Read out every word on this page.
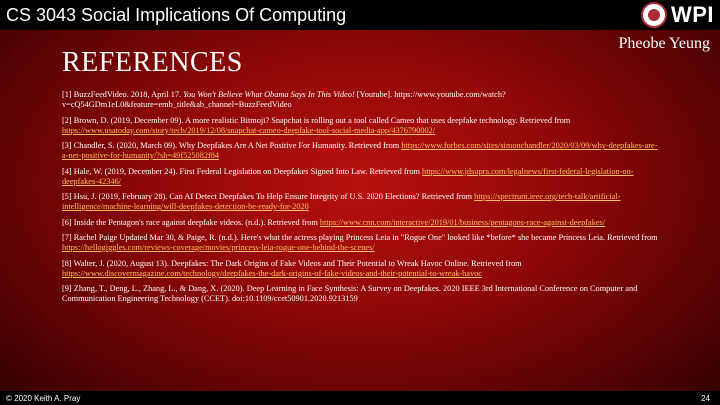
CS 3043 Social Implications Of Computing	WPI
Pheobe Yeung
REFERENCES
[1] BuzzFeedVideo. 2018, April 17. You Won't Believe What Obama Says In This Video! [Youtube]. https://www.youtube.com/watch?v=cQ54GDm1eL0&feature=emb_title&ab_channel=BuzzFeedVideo
[2] Brown, D. (2019, December 09). A more realistic Bitmoji? Snapchat is rolling out a tool called Cameo that uses deepfake technology. Retrieved from https://www.usatoday.com/story/tech/2019/12/08/snapchat-cameo-deepfake-tool-social-media-app/4376790002/
[3] Chandler, S. (2020, March 09). Why Deepfakes Are A Net Positive For Humanity. Retrieved from https://www.forbes.com/sites/simonchandler/2020/03/09/why-deepfakes-are-a-net-positive-for-humanity/?sh=49f525082f84
[4] Hale, W. (2019, December 24). First Federal Legislation on Deepfakes Signed Into Law. Retrieved from https://www.jdsupra.com/legalnews/first-federal-legislation-on-deepfakes-42346/
[5] Hsu, J. (2019, February 28). Can AI Detect Deepfakes To Help Ensure Integrity of U.S. 2020 Elections? Retrieved from https://spectrum.ieee.org/tech-talk/artificial-intelligence/machine-learning/will-deepfakes-detection-be-ready-for-2020
[6] Inside the Pentagon's race against deepfake videos. (n.d.). Retrieved from https://www.cnn.com/interactive/2019/01/business/pentagons-race-against-deepfakes/
[7] Rachel Paige Updated Mar 30, & Paige, R. (n.d.). Here's what the actress playing Princess Leia in "Rogue One" looked like *before* she became Princess Leia. Retrieved from https://hellogiggles.com/reviews-coverage/movies/princess-leia-rogue-one-behind-the-scenes/
[8] Walter, J. (2020, August 13). Deepfakes: The Dark Origins of Fake Videos and Their Potential to Wreak Havoc Online. Retrieved from https://www.discovermagazine.com/technology/deepfakes-the-dark-origins-of-fake-videos-and-their-potential-to-wreak-havoc
[9] Zhang, T., Deng, L., Zhang, L., & Dang, X. (2020). Deep Learning in Face Synthesis: A Survey on Deepfakes. 2020 IEEE 3rd International Conference on Computer and Communication Engineering Technology (CCET). doi:10.1109/ccet50901.2020.9213159
© 2020 Keith A. Pray	24
